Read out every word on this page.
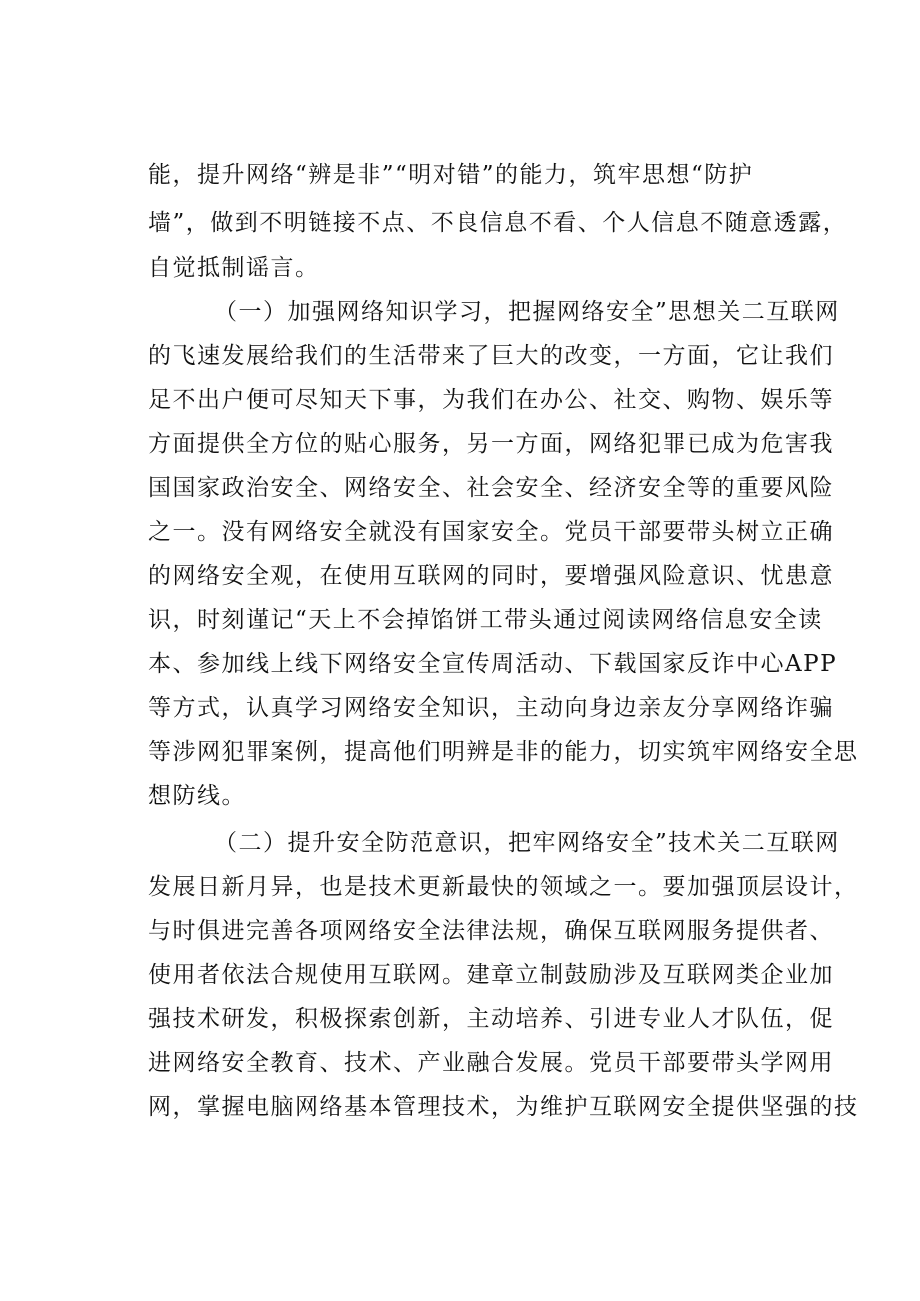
能，提升网络“辨是非”“明对错”的能力，筑牢思想“防护
墙”，做到不明链接不点、不良信息不看、个人信息不随意透露，
自觉抵制谣言。
（一）加强网络知识学习，把握网络安全”思想关二互联网
的飞速发展给我们的生活带来了巨大的改变，一方面，它让我们
足不出户便可尽知天下事，为我们在办公、社交、购物、娱乐等
方面提供全方位的贴心服务，另一方面，网络犯罪已成为危害我
国国家政治安全、网络安全、社会安全、经济安全等的重要风险
之一。没有网络安全就没有国家安全。党员干部要带头树立正确
的网络安全观，在使用互联网的同时，要增强风险意识、忧患意
识，时刻谨记“天上不会掉馅饼工带头通过阅读网络信息安全读
本、参加线上线下网络安全宣传周活动、下载国家反诈中心APP
等方式，认真学习网络安全知识，主动向身边亲友分享网络诈骗
等涉网犯罪案例，提高他们明辨是非的能力，切实筑牢网络安全思
想防线。
（二）提升安全防范意识，把牢网络安全”技术关二互联网
发展日新月异，也是技术更新最快的领域之一。要加强顶层设计，
与时俱进完善各项网络安全法律法规，确保互联网服务提供者、
使用者依法合规使用互联网。建章立制鼓励涉及互联网类企业加
强技术研发，积极探索创新，主动培养、引进专业人才队伍，促
进网络安全教育、技术、产业融合发展。党员干部要带头学网用
网，掌握电脑网络基本管理技术，为维护互联网安全提供坚强的技
